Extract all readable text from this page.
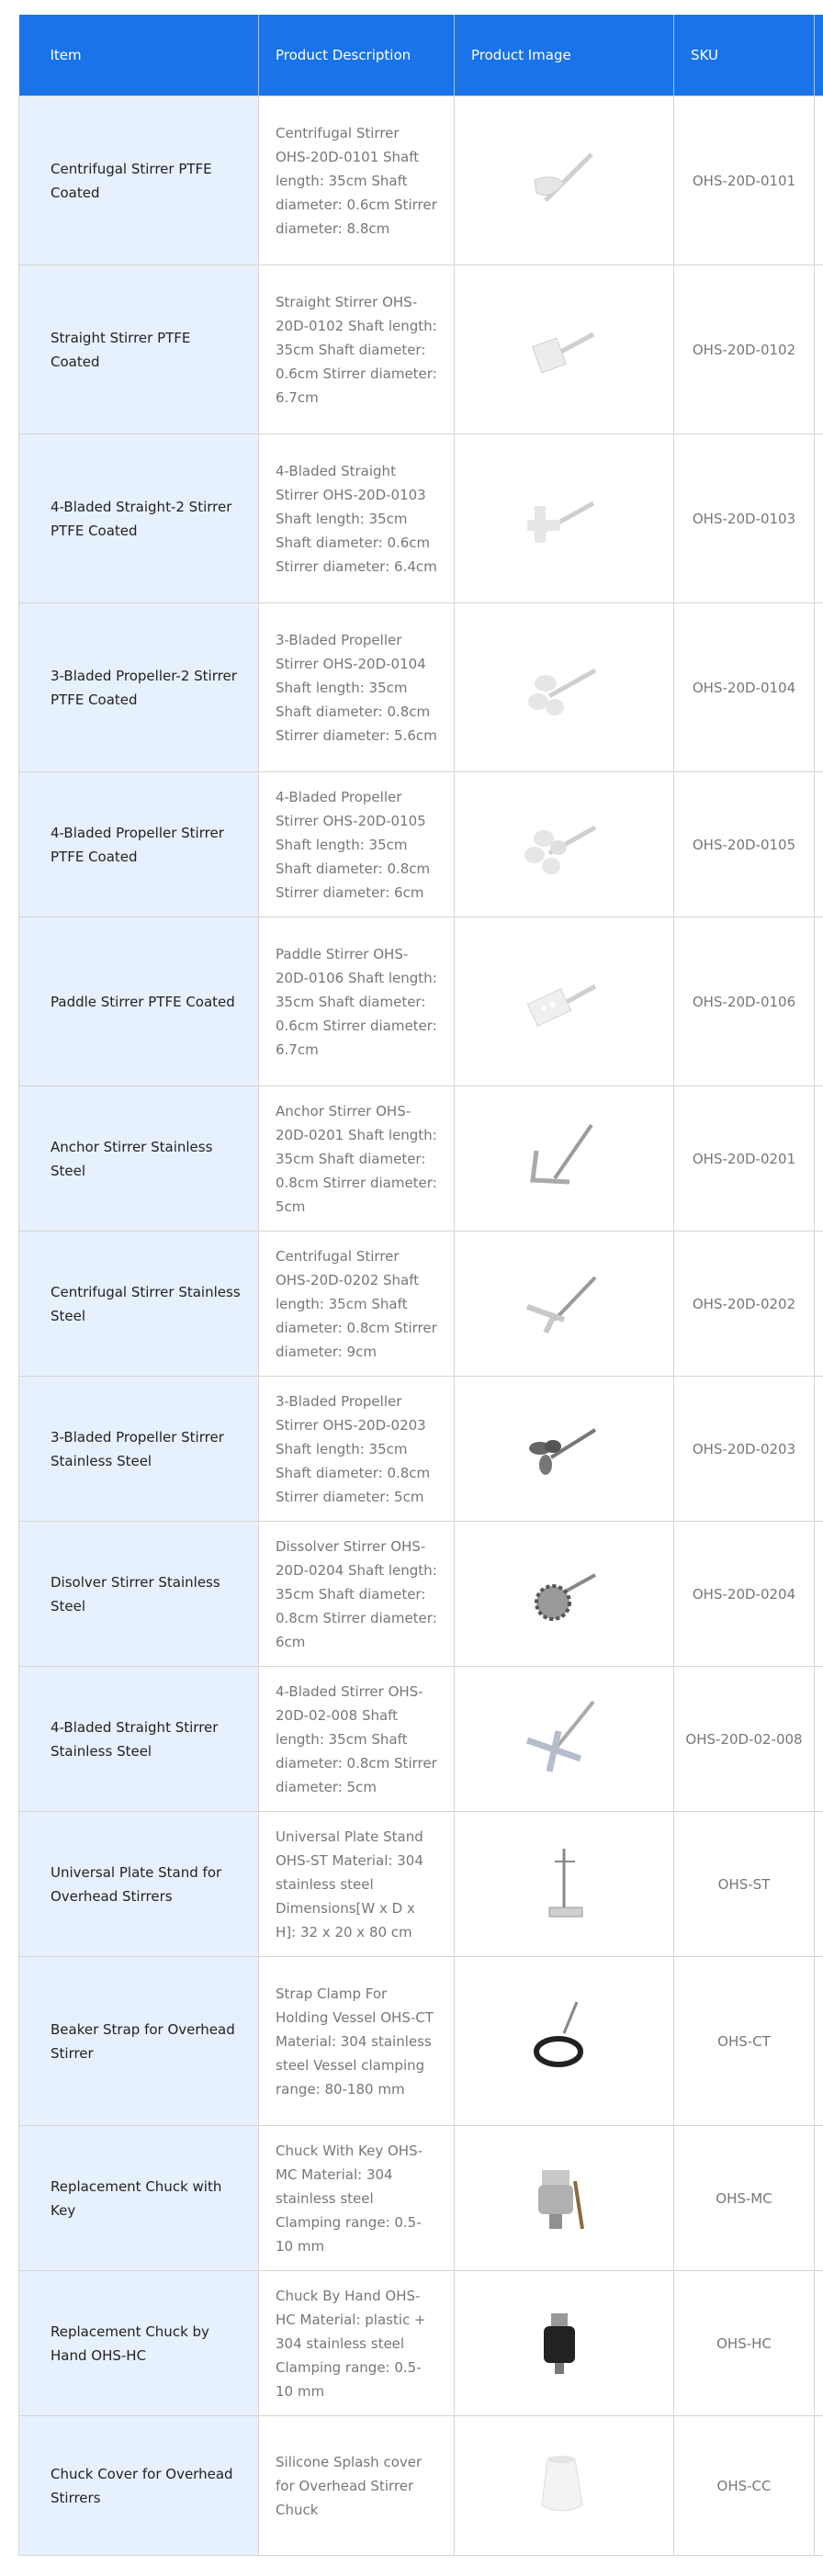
Item	Product Description	Product Image	SKU	
Centrifugal Stirrer PTFE Coated	Centrifugal Stirrer OHS-20D-0101 Shaft length: 35cm Shaft diameter: 0.6cm Stirrer diameter: 8.8cm		OHS-20D-0101	
Straight Stirrer PTFE Coated	Straight Stirrer OHS-20D-0102 Shaft length: 35cm Shaft diameter: 0.6cm Stirrer diameter: 6.7cm		OHS-20D-0102	
4-Bladed Straight-2 Stirrer PTFE Coated	4-Bladed Straight Stirrer OHS-20D-0103 Shaft length: 35cm Shaft diameter: 0.6cm Stirrer diameter: 6.4cm		OHS-20D-0103	
3-Bladed Propeller-2 Stirrer PTFE Coated	3-Bladed Propeller Stirrer OHS-20D-0104 Shaft length: 35cm Shaft diameter: 0.8cm Stirrer diameter: 5.6cm		OHS-20D-0104	
4-Bladed Propeller Stirrer PTFE Coated	4-Bladed Propeller Stirrer OHS-20D-0105 Shaft length: 35cm Shaft diameter: 0.8cm Stirrer diameter: 6cm		OHS-20D-0105	
Paddle Stirrer PTFE Coated	Paddle Stirrer OHS-20D-0106 Shaft length: 35cm Shaft diameter: 0.6cm Stirrer diameter: 6.7cm		OHS-20D-0106	
Anchor Stirrer Stainless Steel	Anchor Stirrer OHS-20D-0201 Shaft length: 35cm Shaft diameter: 0.8cm Stirrer diameter: 5cm		OHS-20D-0201	
Centrifugal Stirrer Stainless Steel	Centrifugal Stirrer OHS-20D-0202 Shaft length: 35cm Shaft diameter: 0.8cm Stirrer diameter: 9cm		OHS-20D-0202	
3-Bladed Propeller Stirrer Stainless Steel	3-Bladed Propeller Stirrer OHS-20D-0203 Shaft length: 35cm Shaft diameter: 0.8cm Stirrer diameter: 5cm		OHS-20D-0203	
Disolver Stirrer Stainless Steel	Dissolver Stirrer OHS-20D-0204 Shaft length: 35cm Shaft diameter: 0.8cm Stirrer diameter: 6cm		OHS-20D-0204	
4-Bladed Straight Stirrer Stainless Steel	4-Bladed Stirrer OHS-20D-02-008 Shaft length: 35cm Shaft diameter: 0.8cm Stirrer diameter: 5cm		OHS-20D-02-008	
Universal Plate Stand for Overhead Stirrers	Universal Plate Stand OHS-ST Material: 304 stainless steel Dimensions[W x D x H]: 32 x 20 x 80 cm		OHS-ST	
Beaker Strap for Overhead Stirrer	Strap Clamp For Holding Vessel OHS-CT Material: 304 stainless steel Vessel clamping range: 80-180 mm		OHS-CT	
Replacement Chuck with Key	Chuck With Key OHS-MC Material: 304 stainless steel Clamping range: 0.5-10 mm		OHS-MC	
Replacement Chuck by Hand OHS-HC	Chuck By Hand OHS-HC Material: plastic + 304 stainless steel Clamping range: 0.5-10 mm		OHS-HC	
Chuck Cover for Overhead Stirrers	Silicone Splash cover for Overhead Stirrer Chuck		OHS-CC	
